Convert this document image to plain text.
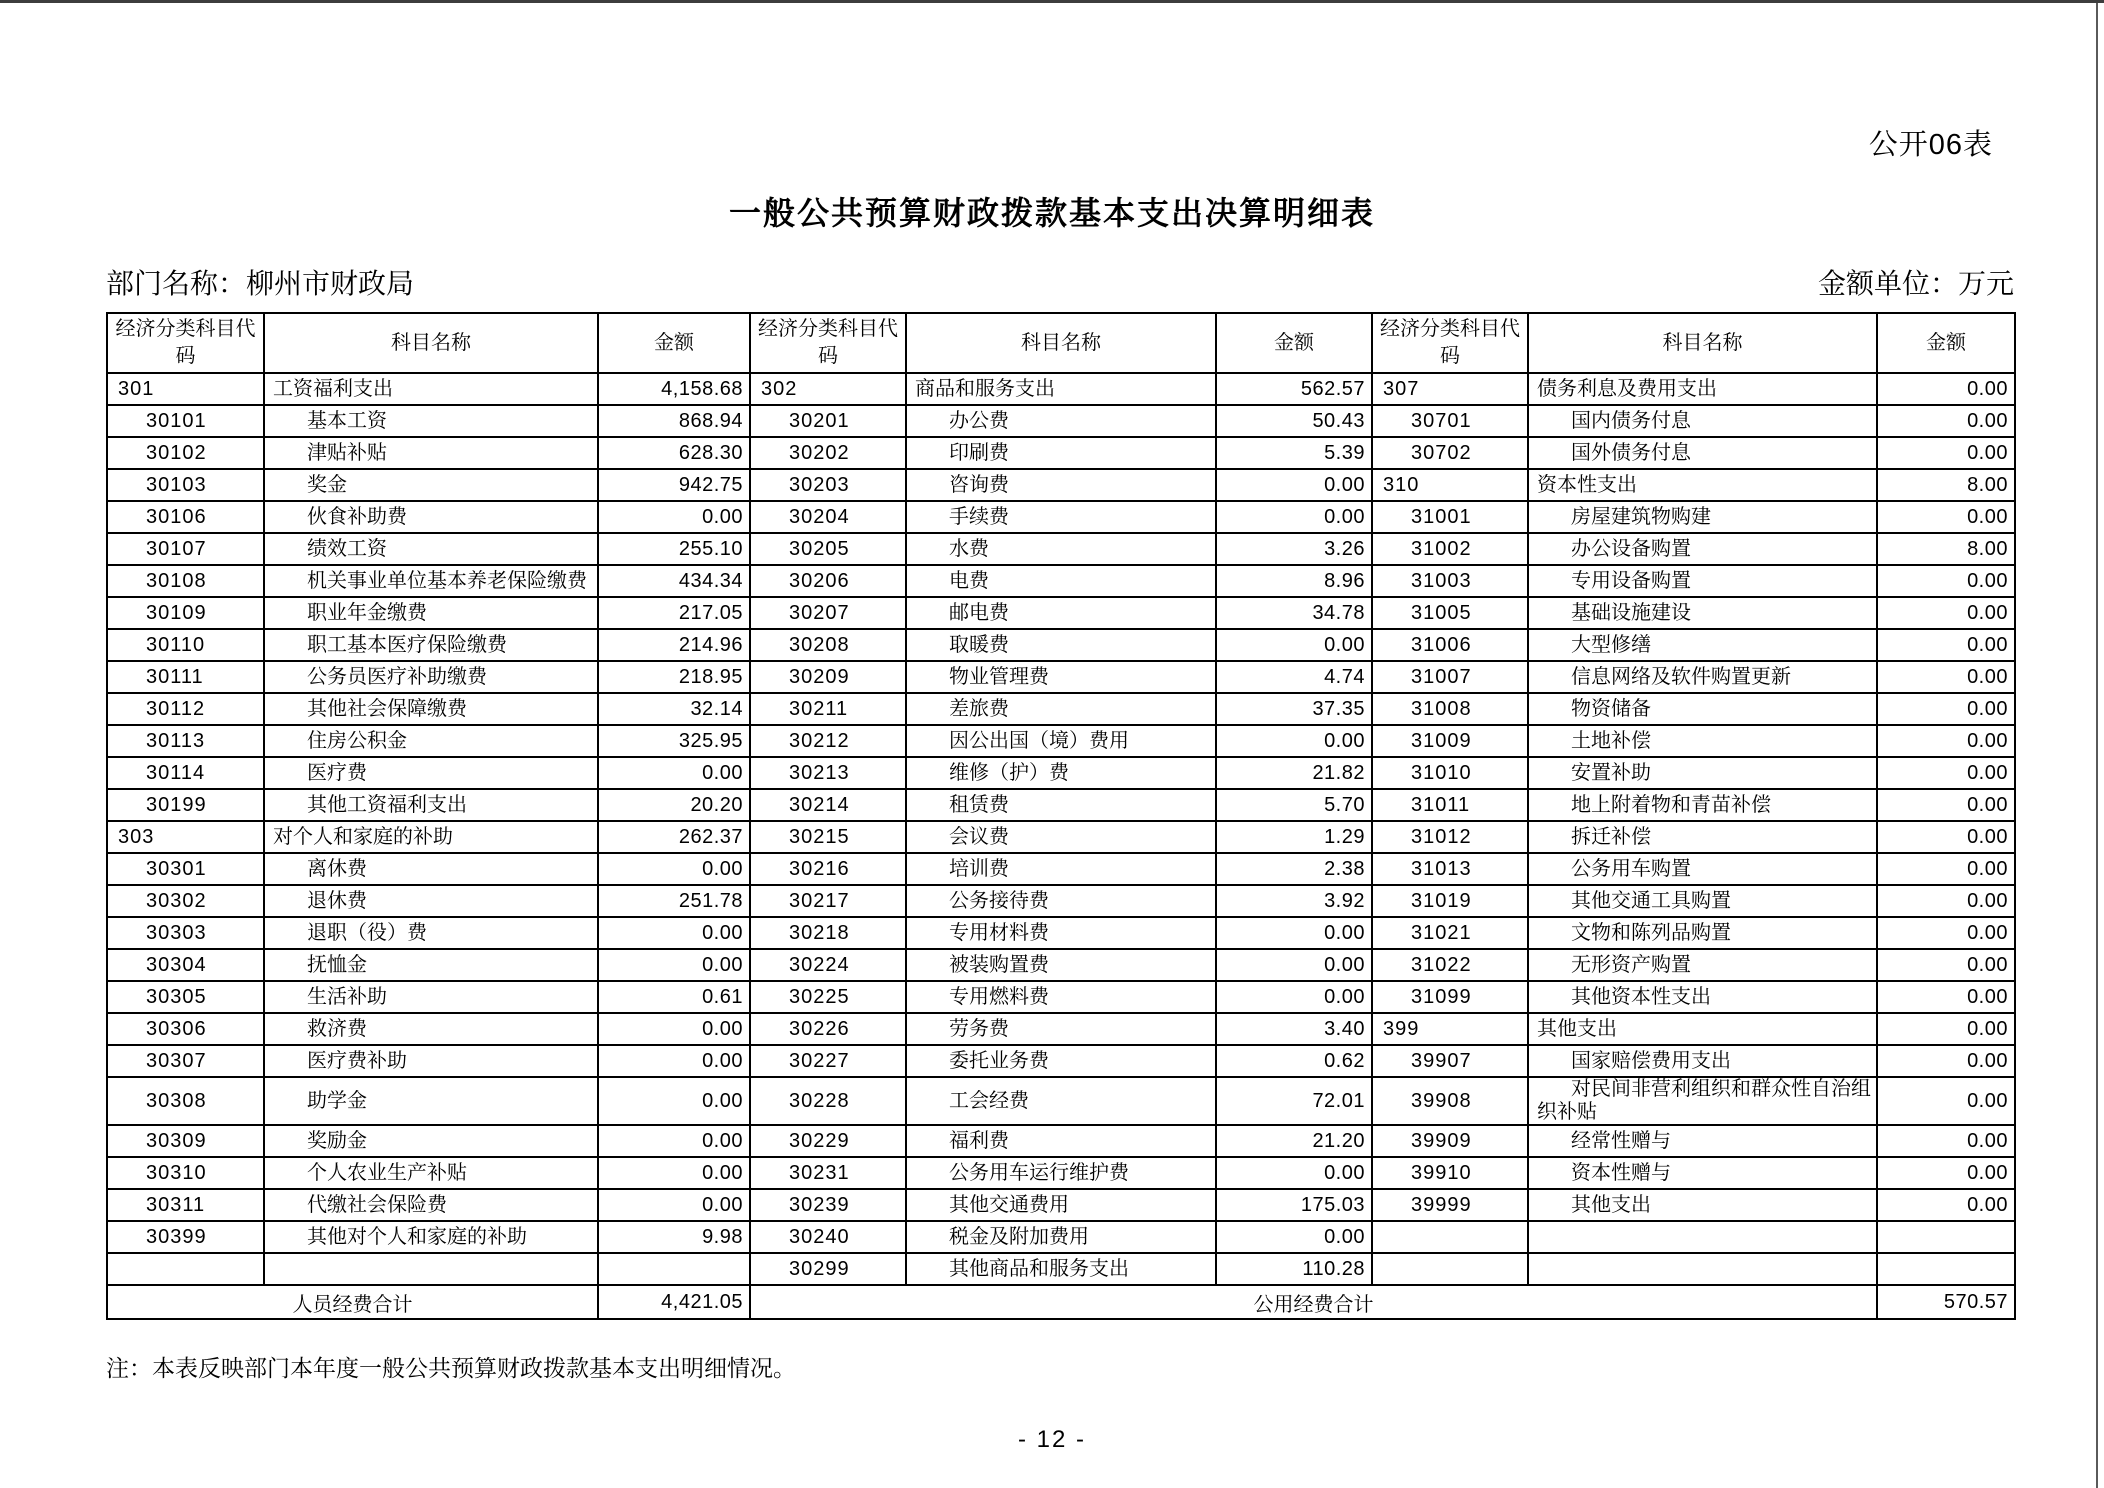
公开06表
一般公共预算财政拨款基本支出决算明细表
部门名称：柳州市财政局	金额单位：万元
经济分类科目代码	科目名称	金额	经济分类科目代码	科目名称	金额	经济分类科目代码	科目名称	金额
301	工资福利支出	4,158.68	302	商品和服务支出	562.57	307	债务利息及费用支出	0.00
30101	基本工资	868.94	30201	办公费	50.43	30701	国内债务付息	0.00
30102	津贴补贴	628.30	30202	印刷费	5.39	30702	国外债务付息	0.00
30103	奖金	942.75	30203	咨询费	0.00	310	资本性支出	8.00
30106	伙食补助费	0.00	30204	手续费	0.00	31001	房屋建筑物购建	0.00
30107	绩效工资	255.10	30205	水费	3.26	31002	办公设备购置	8.00
30108	机关事业单位基本养老保险缴费	434.34	30206	电费	8.96	31003	专用设备购置	0.00
30109	职业年金缴费	217.05	30207	邮电费	34.78	31005	基础设施建设	0.00
30110	职工基本医疗保险缴费	214.96	30208	取暖费	0.00	31006	大型修缮	0.00
30111	公务员医疗补助缴费	218.95	30209	物业管理费	4.74	31007	信息网络及软件购置更新	0.00
30112	其他社会保障缴费	32.14	30211	差旅费	37.35	31008	物资储备	0.00
30113	住房公积金	325.95	30212	因公出国（境）费用	0.00	31009	土地补偿	0.00
30114	医疗费	0.00	30213	维修（护）费	21.82	31010	安置补助	0.00
30199	其他工资福利支出	20.20	30214	租赁费	5.70	31011	地上附着物和青苗补偿	0.00
303	对个人和家庭的补助	262.37	30215	会议费	1.29	31012	拆迁补偿	0.00
30301	离休费	0.00	30216	培训费	2.38	31013	公务用车购置	0.00
30302	退休费	251.78	30217	公务接待费	3.92	31019	其他交通工具购置	0.00
30303	退职（役）费	0.00	30218	专用材料费	0.00	31021	文物和陈列品购置	0.00
30304	抚恤金	0.00	30224	被装购置费	0.00	31022	无形资产购置	0.00
30305	生活补助	0.61	30225	专用燃料费	0.00	31099	其他资本性支出	0.00
30306	救济费	0.00	30226	劳务费	3.40	399	其他支出	0.00
30307	医疗费补助	0.00	30227	委托业务费	0.62	39907	国家赔偿费用支出	0.00
30308	助学金	0.00	30228	工会经费	72.01	39908	对民间非营利组织和群众性自治组织补贴	0.00
30309	奖励金	0.00	30229	福利费	21.20	39909	经常性赠与	0.00
30310	个人农业生产补贴	0.00	30231	公务用车运行维护费	0.00	39910	资本性赠与	0.00
30311	代缴社会保险费	0.00	30239	其他交通费用	175.03	39999	其他支出	0.00
30399	其他对个人和家庭的补助	9.98	30240	税金及附加费用	0.00			
			30299	其他商品和服务支出	110.28			
人员经费合计		4,421.05	公用经费合计					570.57
注：本表反映部门本年度一般公共预算财政拨款基本支出明细情况。
- 12 -
